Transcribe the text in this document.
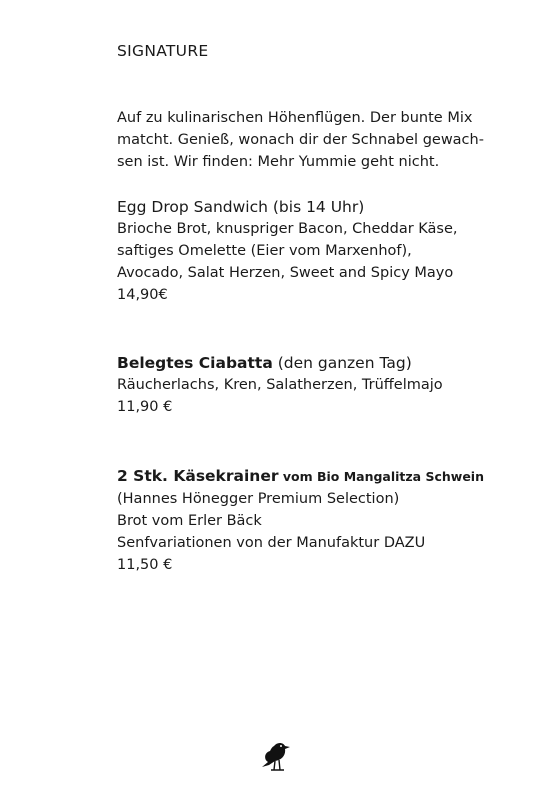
SIGNATURE
Auf zu kulinarischen Höhenflügen. Der bunte Mix
matcht. Genieß, wonach dir der Schnabel gewach-
sen ist. Wir finden: Mehr Yummie geht nicht.
Egg Drop Sandwich (bis 14 Uhr)
Brioche Brot, knuspriger Bacon, Cheddar Käse,
saftiges Omelette (Eier vom Marxenhof),
Avocado, Salat Herzen, Sweet and Spicy Mayo
14,90€
Belegtes Ciabatta (den ganzen Tag)
Räucherlachs, Kren, Salatherzen, Trüffelmajo
11,90 €
2 Stk. Käsekrainer vom Bio Mangalitza Schwein
(Hannes Hönegger Premium Selection)
Brot vom Erler Bäck
Senfvariationen von der Manufaktur DAZU
11,50 €
